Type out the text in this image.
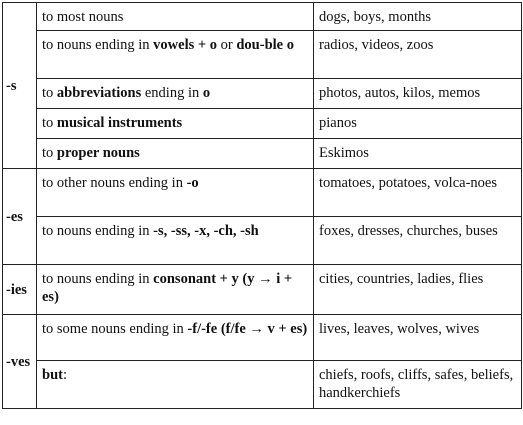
-s	to most nouns	dogs, boys, months
	to nouns ending in vowels + o or dou-ble o	radios, videos, zoos
	to abbreviations ending in o	photos, autos, kilos, memos
	to musical instruments	pianos
	to proper nouns	Eskimos
-es	to other nouns ending in -o	tomatoes, potatoes, volca-noes
	to nouns ending in -s, -ss, -x, -ch, -sh	foxes, dresses, churches, buses
-ies	to nouns ending in consonant + y (y → i + es)	cities, countries, ladies, flies
-ves	to some nouns ending in -f/-fe (f/fe → v + es)	lives, leaves, wolves, wives
	but:	chiefs, roofs, cliffs, safes, beliefs, handkerchiefs
